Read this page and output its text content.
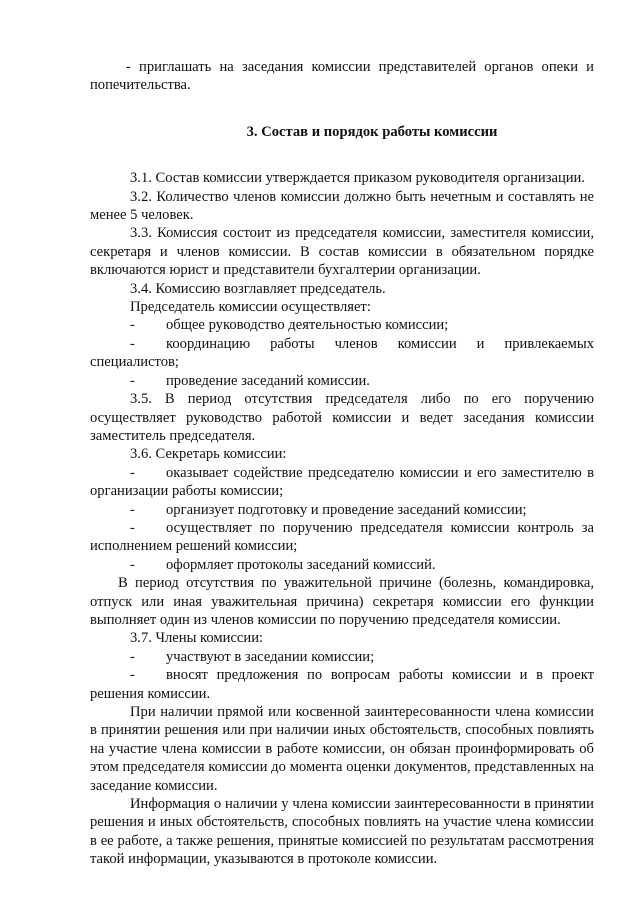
- приглашать на заседания комиссии представителей органов опеки и попечительства.

3. Состав и порядок работы комиссии

3.1. Состав комиссии утверждается приказом руководителя организации.

3.2. Количество членов комиссии должно быть нечетным и составлять не менее 5 человек.

3.3. Комиссия состоит из председателя комиссии, заместителя комиссии, секретаря и членов комиссии. В состав комиссии в обязательном порядке включаются юрист и представители бухгалтерии организации.

3.4. Комиссию возглавляет председатель.

Председатель комиссии осуществляет:

- общее руководство деятельностью комиссии;

- координацию работы членов комиссии и привлекаемых специалистов;

- проведение заседаний комиссии.

3.5. В период отсутствия председателя либо по его поручению осуществляет руководство работой комиссии и ведет заседания комиссии заместитель председателя.

3.6. Секретарь комиссии:

- оказывает содействие председателю комиссии и его заместителю в организации работы комиссии;

- организует подготовку и проведение заседаний комиссии;

- осуществляет по поручению председателя комиссии контроль за исполнением решений комиссии;

- оформляет протоколы заседаний комиссий.

В период отсутствия по уважительной причине (болезнь, командировка, отпуск или иная уважительная причина) секретаря комиссии его функции выполняет один из членов комиссии по поручению председателя комиссии.

3.7. Члены комиссии:

- участвуют в заседании комиссии;

- вносят предложения по вопросам работы комиссии и в проект решения комиссии.

При наличии прямой или косвенной заинтересованности члена комиссии в принятии решения или при наличии иных обстоятельств, способных повлиять на участие члена комиссии в работе комиссии, он обязан проинформировать об этом председателя комиссии до момента оценки документов, представленных на заседание комиссии.

Информация о наличии у члена комиссии заинтересованности в принятии решения и иных обстоятельств, способных повлиять на участие члена комиссии в ее работе, а также решения, принятые комиссией по результатам рассмотрения такой информации, указываются в протоколе комиссии.
